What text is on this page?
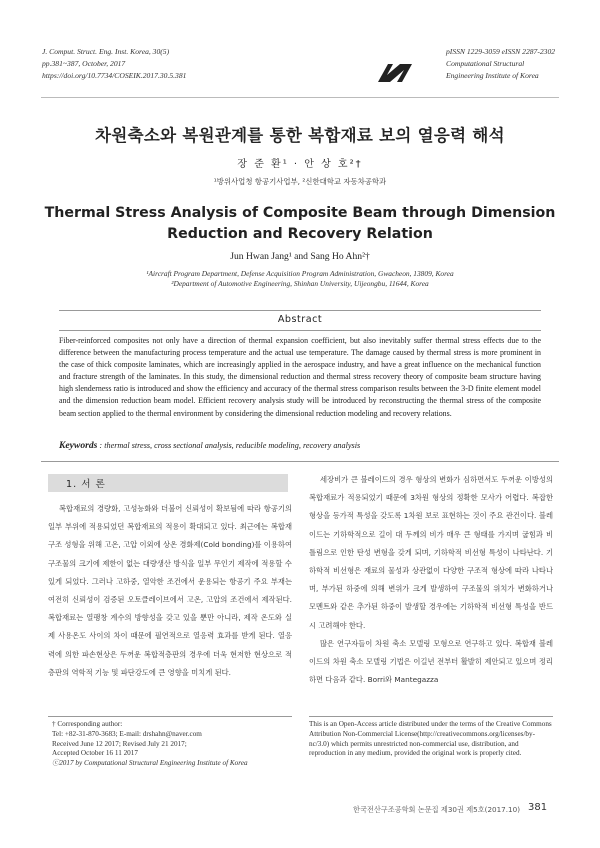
J. Comput. Struct. Eng. Inst. Korea, 30(5)
pp.381~387, October, 2017
https://doi.org/10.7734/COSEIK.2017.30.5.381
pISSN 1229-3059 eISSN 2287-2302
Computational Structural
Engineering Institute of Korea
차원축소와 복원관계를 통한 복합재료 보의 열응력 해석
장 준 환¹ · 안 상 호²†
¹방위사업청 항공기사업부, ²신한대학교 자동차공학과
Thermal Stress Analysis of Composite Beam through Dimension Reduction and Recovery Relation
Jun Hwan Jang¹ and Sang Ho Ahn²†
¹Aircraft Program Department, Defense Acquisition Program Administration, Gwacheon, 13809, Korea
²Department of Automotive Engineering, Shinhan University, Uijeongbu, 11644, Korea
Abstract
Fiber-reinforced composites not only have a direction of thermal expansion coefficient, but also inevitably suffer thermal stress effects due to the difference between the manufacturing process temperature and the actual use temperature. The damage caused by thermal stress is more prominent in the case of thick composite laminates, which are increasingly applied in the aerospace industry, and have a great influence on the mechanical function and fracture strength of the laminates. In this study, the dimensional reduction and thermal stress recovery theory of composite beam structure having high slenderness ratio is introduced and show the efficiency and accuracy of the thermal stress comparison results between the 3-D finite element model and the dimension reduction beam model. Efficient recovery analysis study will be introduced by reconstructing the thermal stress of the composite beam section applied to the thermal environment by considering the dimensional reduction modeling and recovery relations.
Keywords : thermal stress, cross sectional analysis, reducible modeling, recovery analysis
1. 서 론

복합재료의 경량화, 고성능화와 더불어 신뢰성이 확보됨에 따라 항공기의 일부 부위에 적용되었던 복합재료의 적용이 확대되고 있다. 최근에는 복합재 구조 성형을 위해 고온, 고압 이외에 상온 경화제(Cold bonding)를 이용하여 구조물의 크기에 제한이 없는 대량생산 방식을 일부 무인기 제작에 적용할 수 있게 되었다. 그러나 고하중, 열악한 조건에서 운용되는 항공기 주요 부재는 여전히 신뢰성이 검증된 오토클레이브에서 고온, 고압의 조건에서 제작된다. 복합재료는 열팽창 계수의 방향성을 갖고 있을 뿐만 아니라, 제작 온도와 실제 사용온도 사이의 차이 때문에 필연적으로 열응력 효과를 받게 된다. 열응력에 의한 파손현상은 두꺼운 복합적층판의 경우에 더욱 현저한 현상으로 적층판의 역학적 기능 및 파단강도에 큰 영향을 미치게 된다.

세장비가 큰 블레이드의 경우 형상의 변화가 심하면서도 두꺼운 이방성의 복합재료가 적용되었기 때문에 3차원 형상의 정확한 모사가 어렵다. 복잡한 형상을 등가적 특성을 갖도록 1차원 보로 표현하는 것이 주요 관건이다. 블레이드는 기하학적으로 길이 대 두께의 비가 매우 큰 형태를 가지며 굽힘과 비틀림으로 인한 탄성 변형을 갖게 되며, 기하학적 비선형 특성이 나타난다. 기하학적 비선형은 재료의 물성과 상관없이 다양한 구조적 형상에 따라 나타나며, 부가된 하중에 의해 변위가 크게 발생하여 구조물의 위치가 변화하거나 모멘트와 같은 추가된 하중이 발생할 경우에는 기하학적 비선형 특성을 반드시 고려해야 한다.

많은 연구자들이 차원 축소 모델링 모형으로 연구하고 있다. 복합재 블레이드의 차원 축소 모델링 기법은 이길년 전부터 활발히 제안되고 있으며 정리하면 다음과 같다. Borri와 Mantegazza

† Corresponding author:
Tel: +82-31-870-3683; E-mail: drshahn@naver.com
Received June 12 2017; Revised July 21 2017;
Accepted October 16 11 2017
ⓒ2017 by Computational Structural Engineering Institute of Korea
This is an Open-Access article distributed under the terms of the Creative Commons Attribution Non-Commercial License(http://creativecommons.org/licenses/by-nc/3.0) which permits unrestricted non-commercial use, distribution, and reproduction in any medium, provided the original work is properly cited.
한국전산구조공학회 논문집 제30권 제5호(2017.10) 381
